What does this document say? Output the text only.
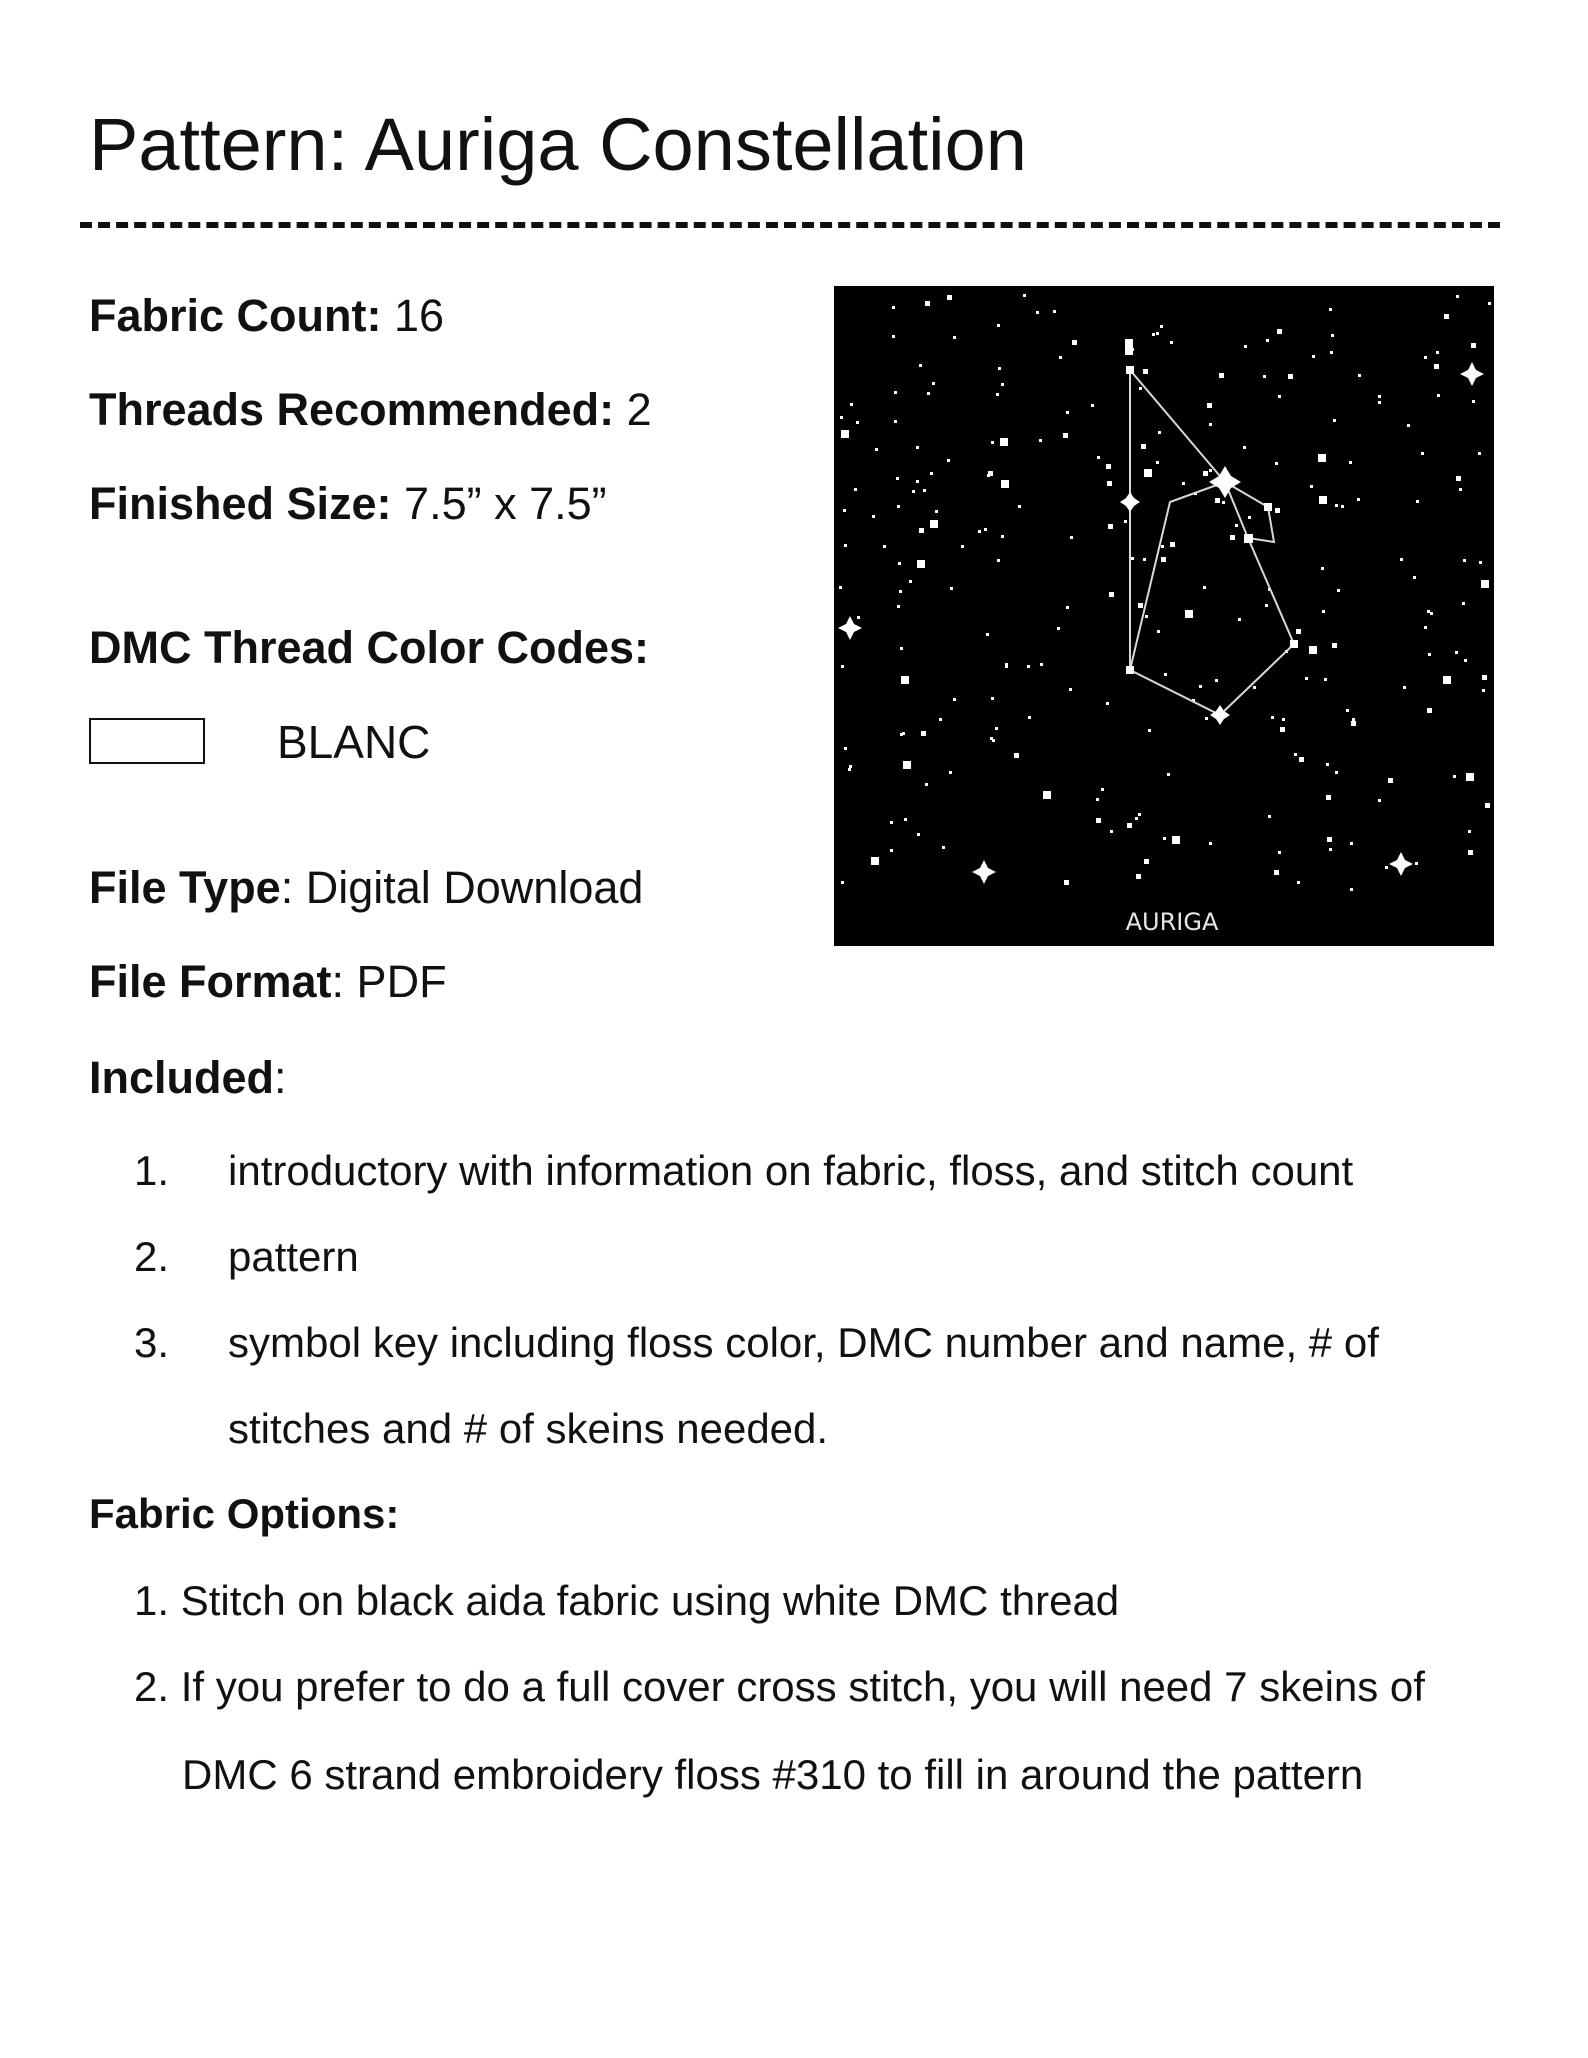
Pattern: Auriga Constellation
Fabric Count: 16
Threads Recommended: 2
Finished Size: 7.5” x 7.5”
DMC Thread Color Codes:
BLANC
File Type: Digital Download
File Format: PDF
Included:
1. introductory with information on fabric, floss, and stitch count
2. pattern
3. symbol key including floss color, DMC number and name, # of
stitches and # of skeins needed.
Fabric Options:
1. Stitch on black aida fabric using white DMC thread
2. If you prefer to do a full cover cross stitch, you will need 7 skeins of
DMC 6 strand embroidery floss #310 to fill in around the pattern
AURIGA
